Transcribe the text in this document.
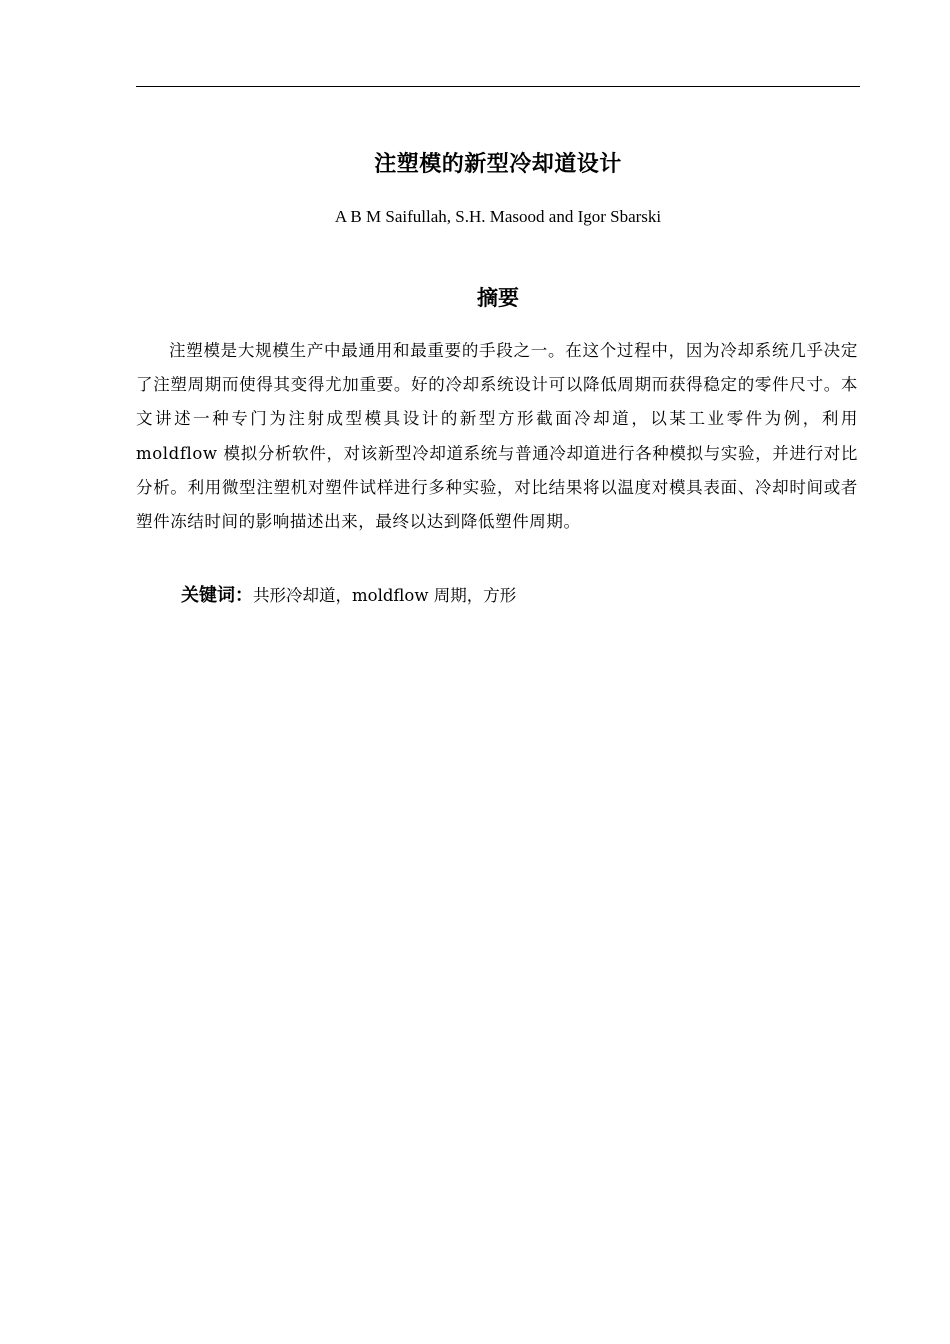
注塑模的新型冷却道设计
A B M Saifullah, S.H. Masood and Igor Sbarski
摘要
注塑模是大规模生产中最通用和最重要的手段之一。在这个过程中，因为冷却系统几乎决定了注塑周期而使得其变得尤加重要。好的冷却系统设计可以降低周期而获得稳定的零件尺寸。本文讲述一种专门为注射成型模具设计的新型方形截面冷却道，以某工业零件为例，利用 moldflow 模拟分析软件，对该新型冷却道系统与普通冷却道进行各种模拟与实验，并进行对比分析。利用微型注塑机对塑件试样进行多种实验，对比结果将以温度对模具表面、冷却时间或者塑件冻结时间的影响描述出来，最终以达到降低塑件周期。
关键词：共形冷却道，moldflow 周期，方形
